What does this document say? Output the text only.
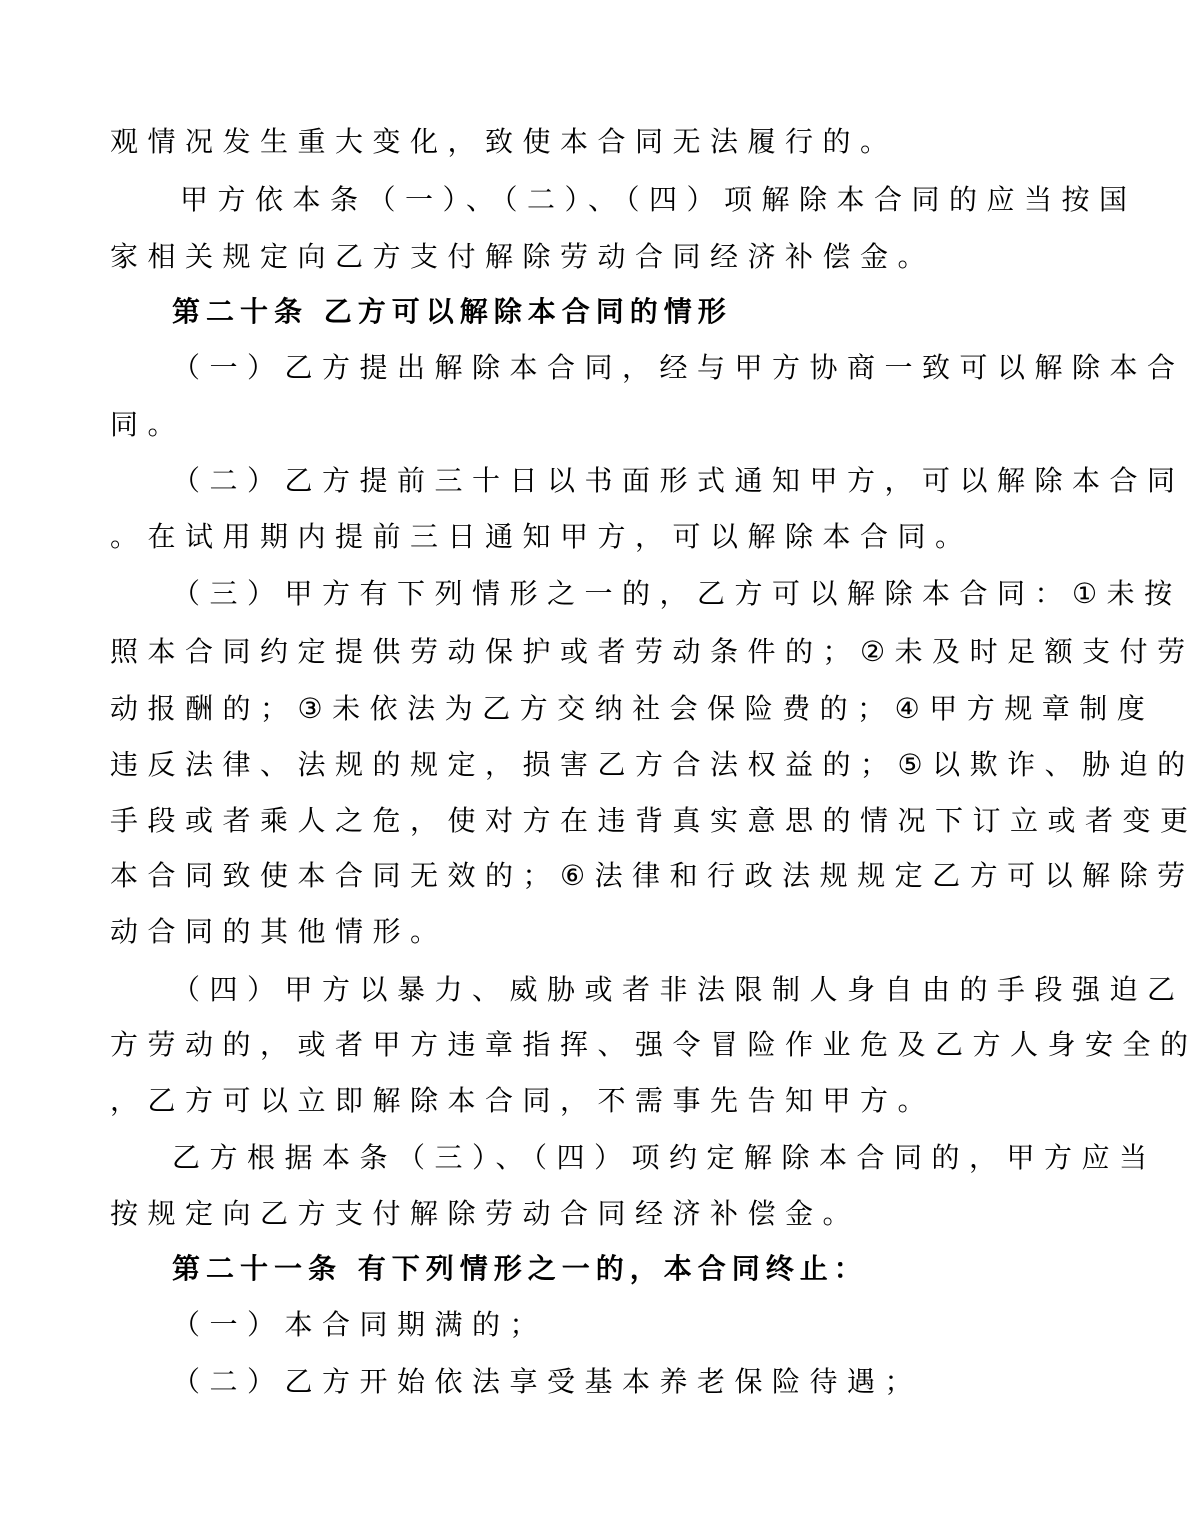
观情况发生重大变化，致使本合同无法履行的。
甲方依本条（一）、（二）、（四）项解除本合同的应当按国
家相关规定向乙方支付解除劳动合同经济补偿金。
第二十条 乙方可以解除本合同的情形
（一）乙方提出解除本合同，经与甲方协商一致可以解除本合
同。
（二）乙方提前三十日以书面形式通知甲方，可以解除本合同
。在试用期内提前三日通知甲方，可以解除本合同。
（三）甲方有下列情形之一的，乙方可以解除本合同：①未按
照本合同约定提供劳动保护或者劳动条件的；②未及时足额支付劳
动报酬的；③未依法为乙方交纳社会保险费的；④甲方规章制度
违反法律、法规的规定，损害乙方合法权益的；⑤以欺诈、胁迫的
手段或者乘人之危，使对方在违背真实意思的情况下订立或者变更
本合同致使本合同无效的；⑥法律和行政法规规定乙方可以解除劳
动合同的其他情形。
（四）甲方以暴力、威胁或者非法限制人身自由的手段强迫乙
方劳动的，或者甲方违章指挥、强令冒险作业危及乙方人身安全的
，乙方可以立即解除本合同，不需事先告知甲方。
乙方根据本条（三）、（四）项约定解除本合同的，甲方应当
按规定向乙方支付解除劳动合同经济补偿金。
第二十一条 有下列情形之一的，本合同终止：
（一）本合同期满的；
（二）乙方开始依法享受基本养老保险待遇；
